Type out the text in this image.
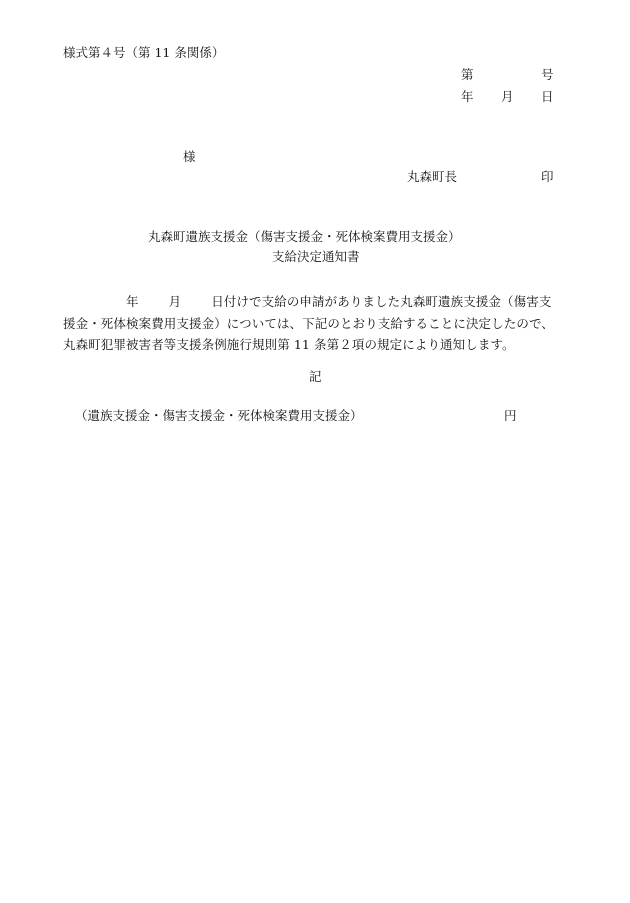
様式第４号（第 11 条関係）
第	号
年 月 日
様
丸森町長	印
丸森町遺族支援金（傷害支援金・死体検案費用支援金）
支給決定通知書
年 月 日付けで支給の申請がありました丸森町遺族支援金（傷害支
援金・死体検案費用支援金）については、下記のとおり支給することに決定したので、
丸森町犯罪被害者等支援条例施行規則第 11 条第２項の規定により通知します。
記
（遺族支援金・傷害支援金・死体検案費用支援金）	円
